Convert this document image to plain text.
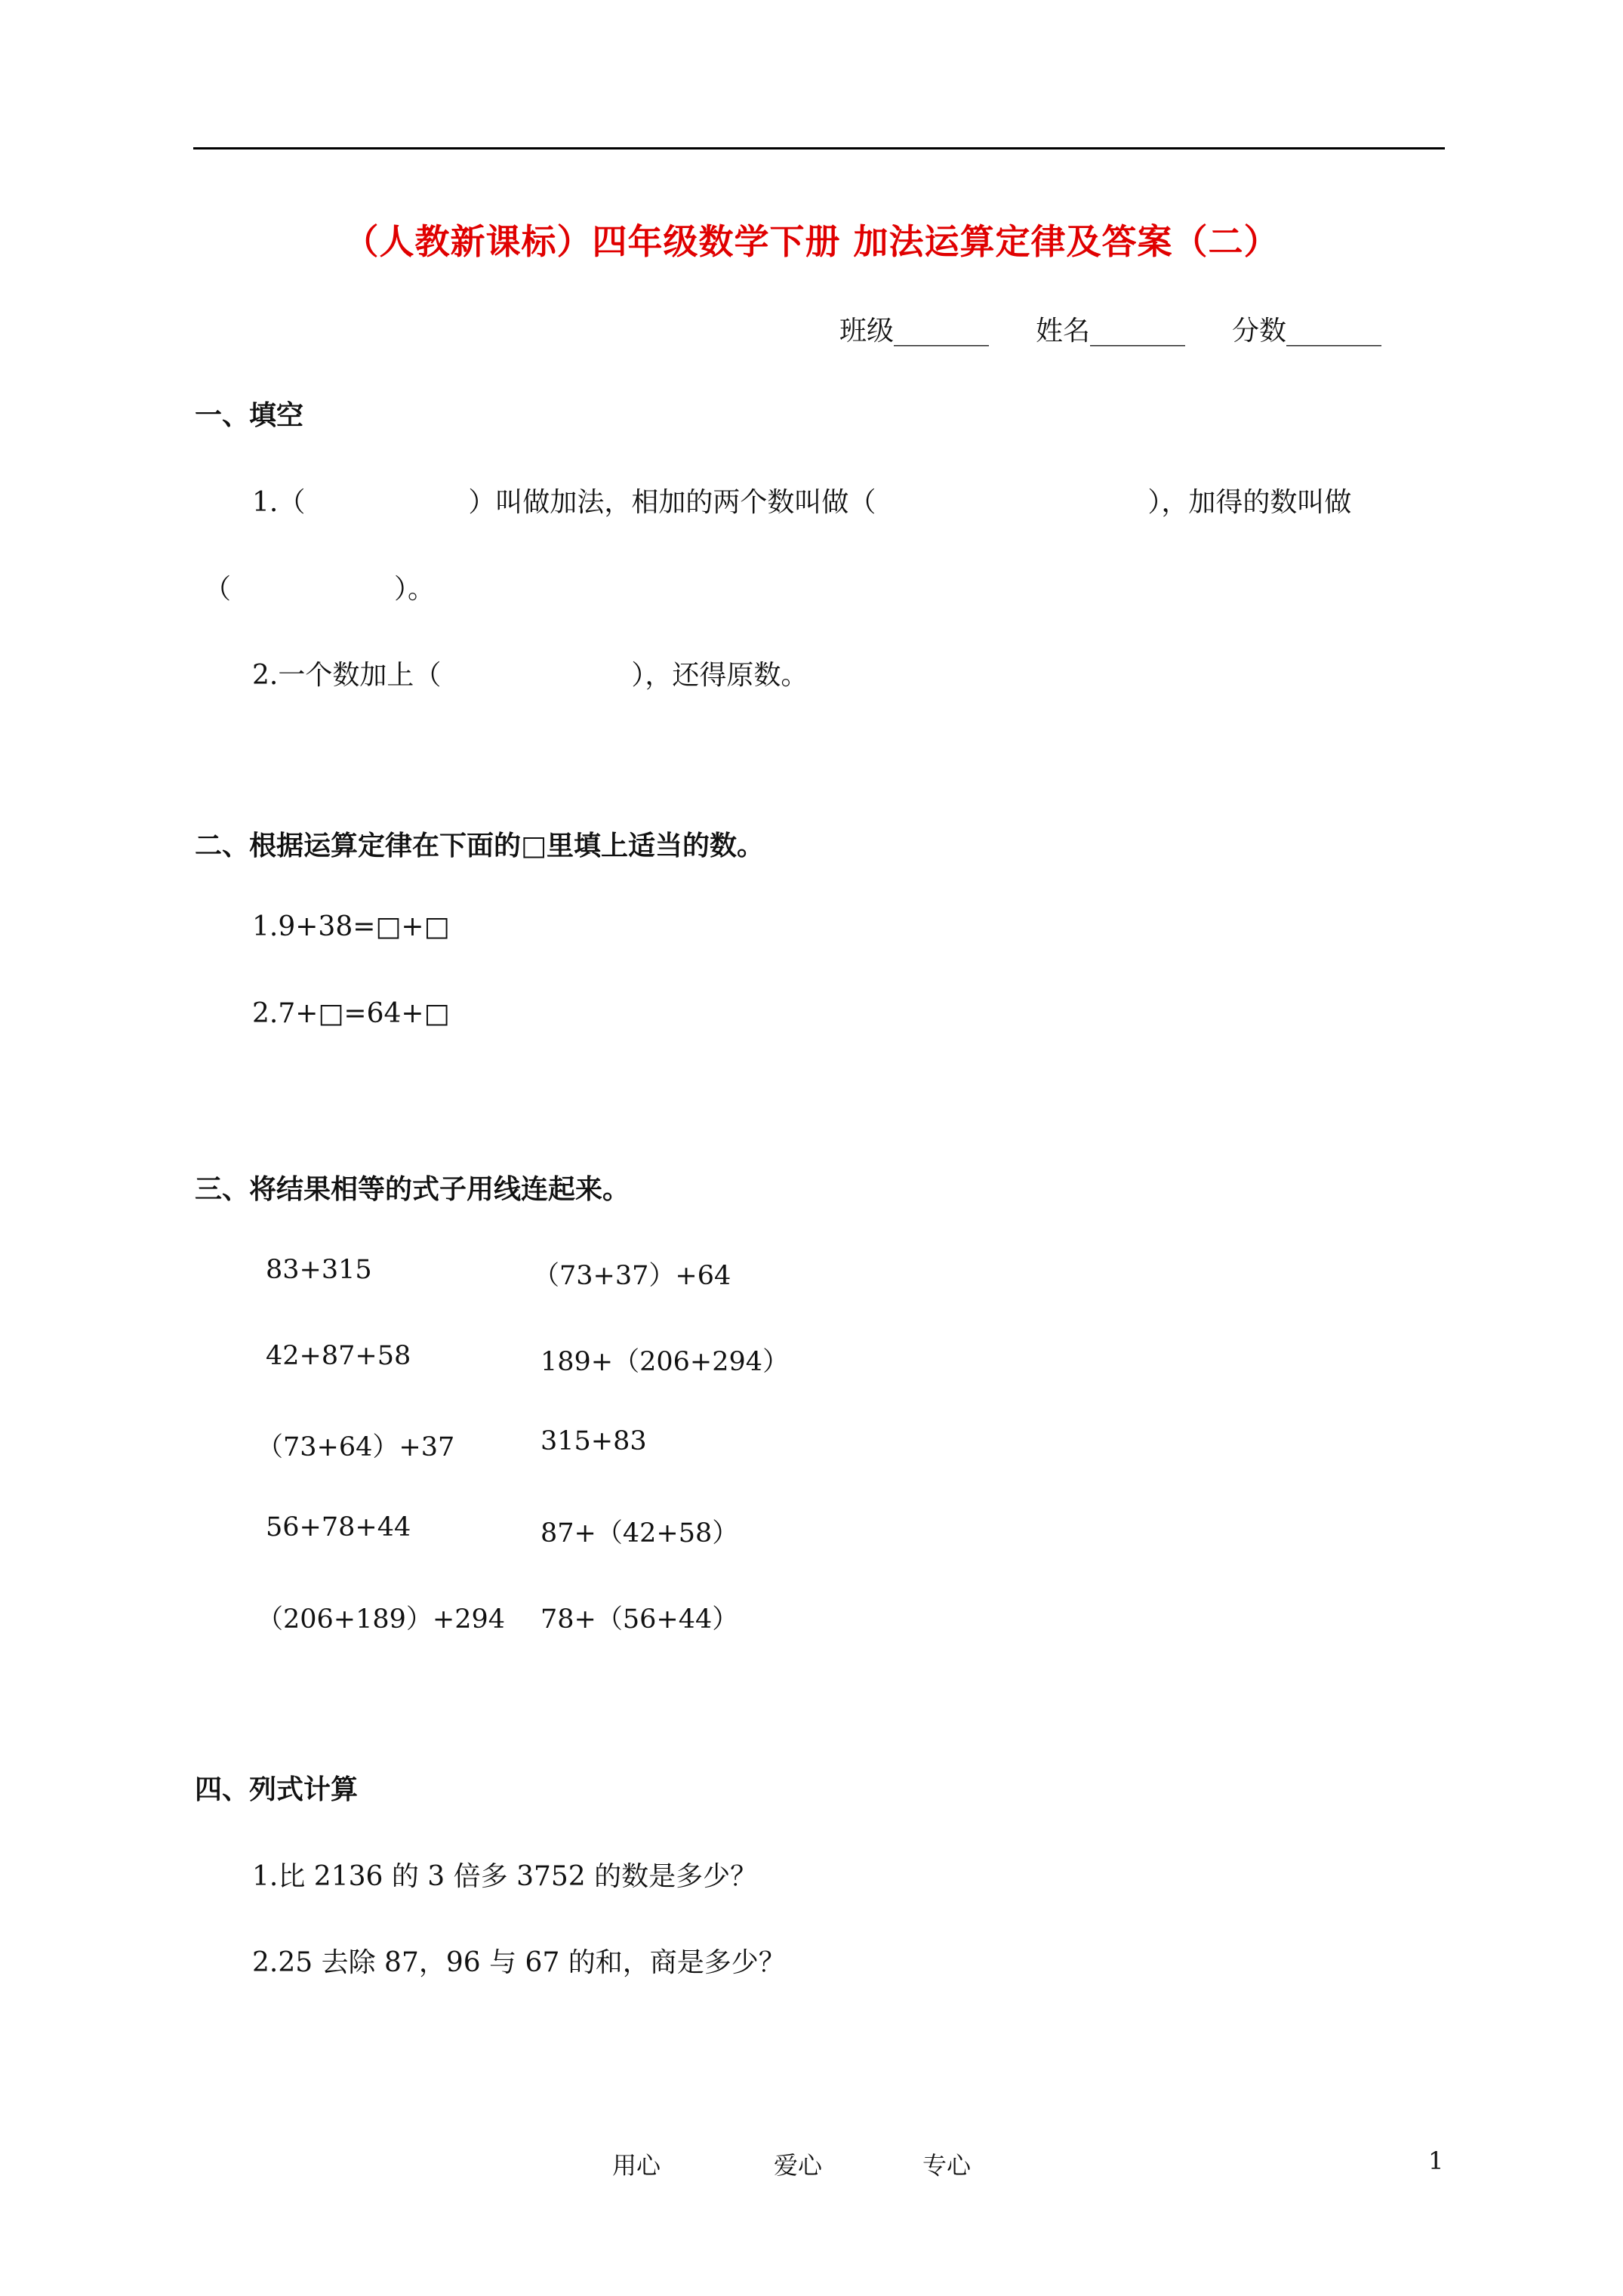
（人教新课标）四年级数学下册 加法运算定律及答案（二）
班级_______ 姓名_______ 分数_______
一、填空
1.（　　　　　　）叫做加法，相加的两个数叫做（　　　　　　　　　　），加得的数叫做
（　　　　　　）。
2.一个数加上（　　　　　　　），还得原数。
二、根据运算定律在下面的□里填上适当的数。
1.9+38=□+□
2.7+□=64+□
三、将结果相等的式子用线连起来。
83+315
42+87+58
（73+64）+37
56+78+44
（206+189）+294
（73+37）+64
189+（206+294）
315+83
87+（42+58）
78+（56+44）
四、列式计算
1.比 2136 的 3 倍多 3752 的数是多少？
2.25 去除 87，96 与 67 的和，商是多少？
用心	爱心	专心	1
